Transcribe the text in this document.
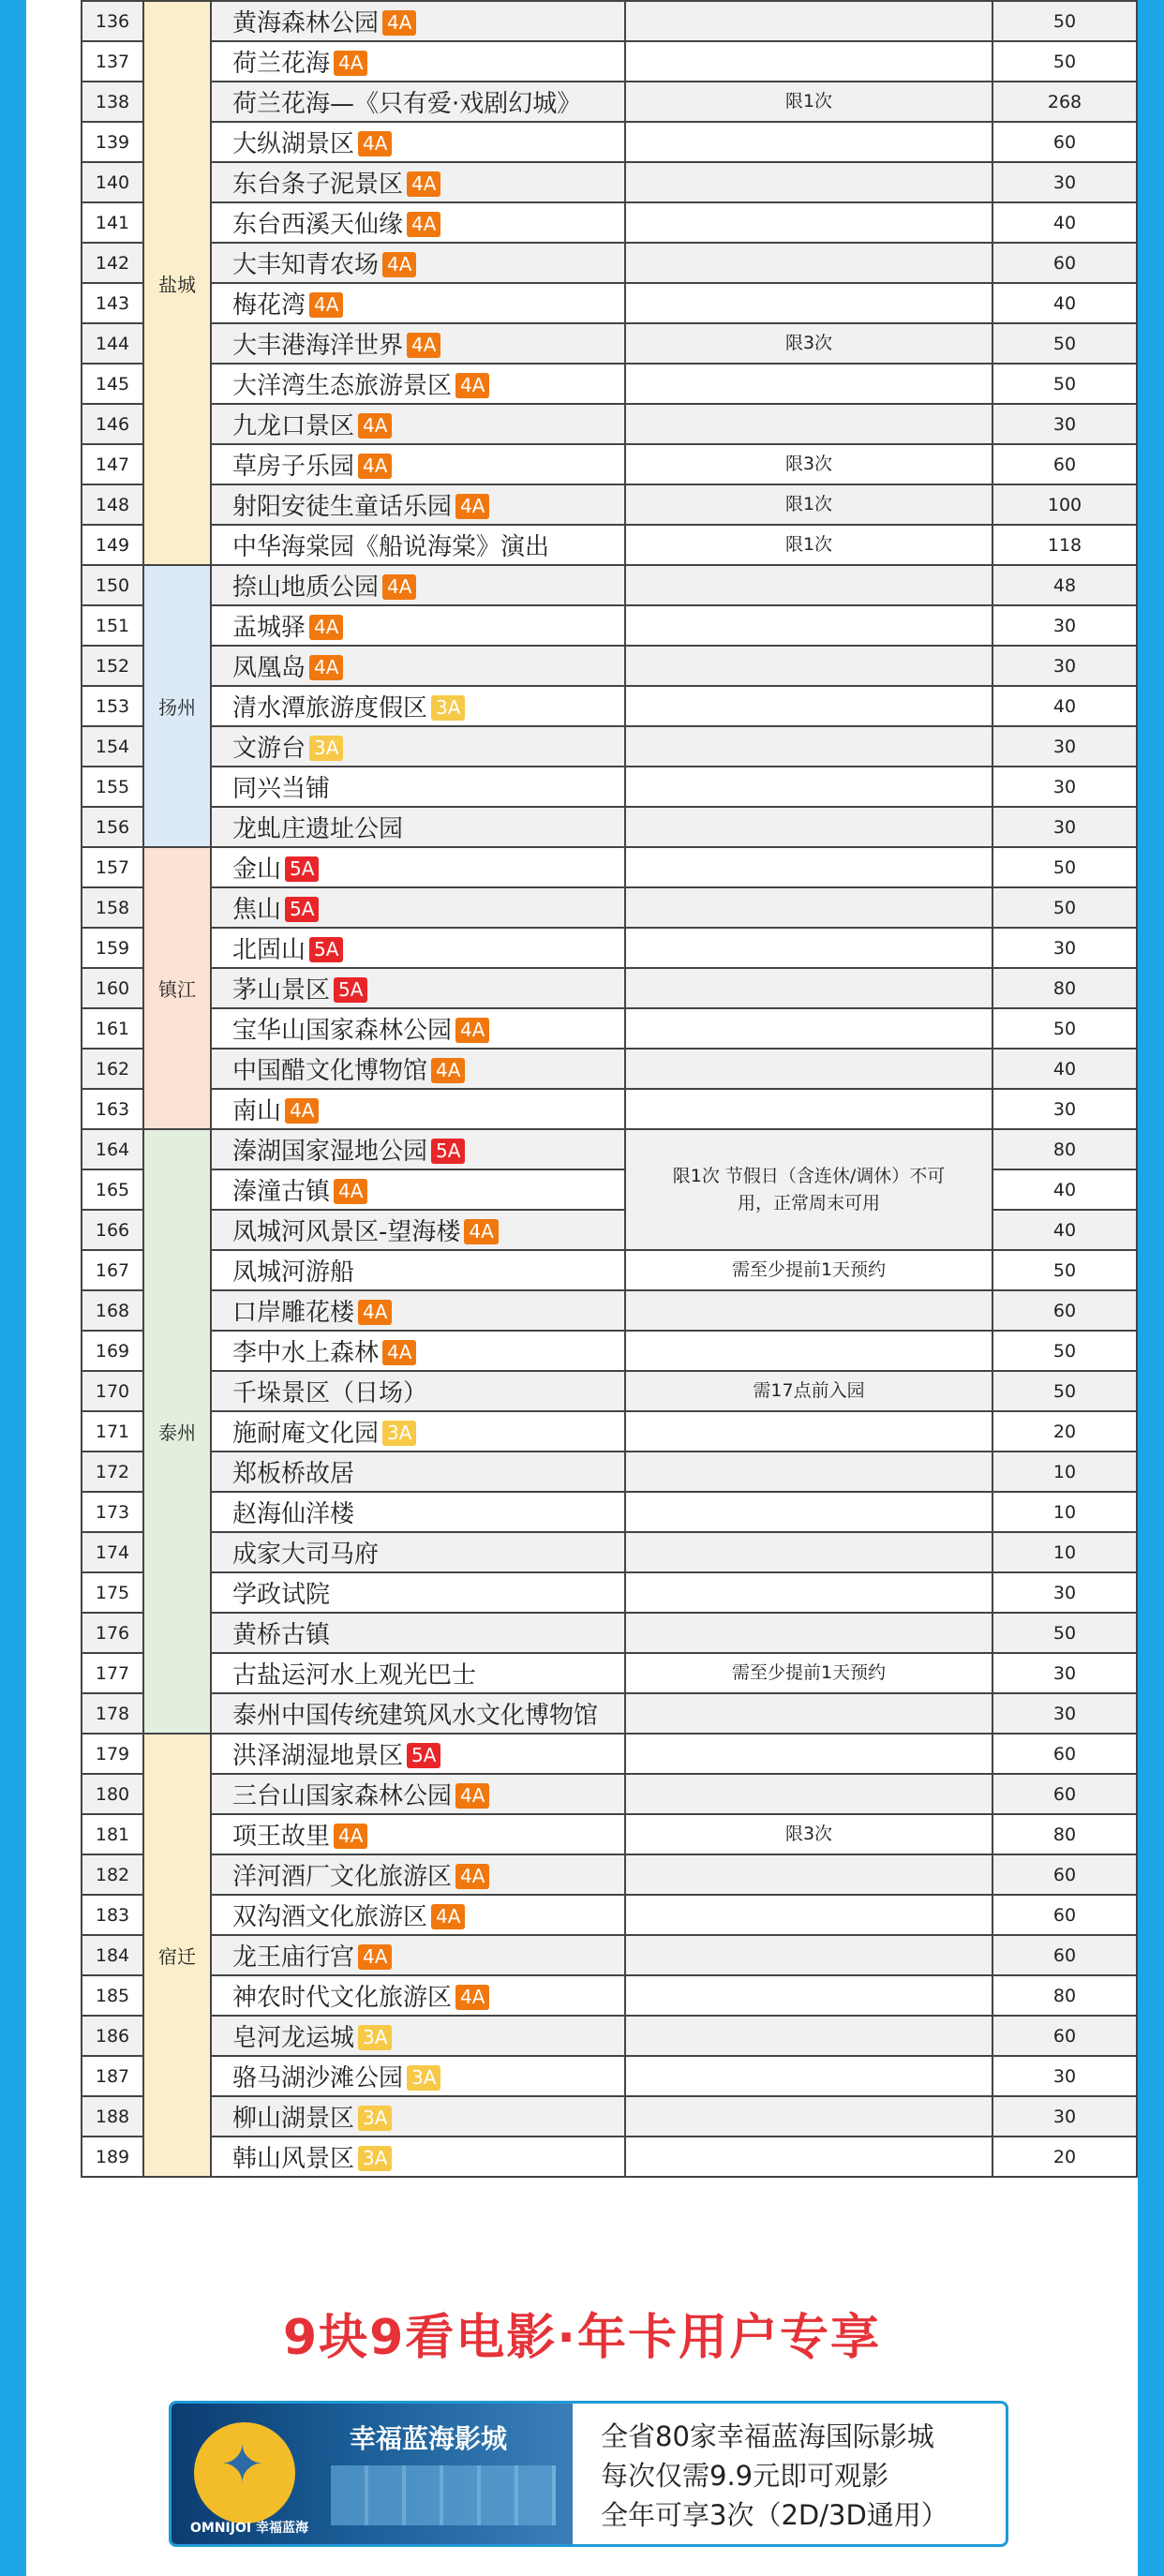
136	盐城	黄海森林公园 4A		50
137		荷兰花海 4A		50
138		荷兰花海—《只有爱·戏剧幻城》	限1次	268
139		大纵湖景区 4A		60
140		东台条子泥景区 4A		30
141		东台西溪天仙缘 4A		40
142		大丰知青农场 4A		60
143		梅花湾 4A		40
144		大丰港海洋世界 4A	限3次	50
145		大洋湾生态旅游景区 4A		50
146		九龙口景区 4A		30
147		草房子乐园 4A	限3次	60
148		射阳安徒生童话乐园 4A	限1次	100
149		中华海棠园《船说海棠》演出	限1次	118
150	扬州	捺山地质公园 4A		48
151		盂城驿 4A		30
152		凤凰岛 4A		30
153		清水潭旅游度假区 3A		40
154		文游台 3A		30
155		同兴当铺		30
156		龙虬庄遗址公园		30
157	镇江	金山 5A		50
158		焦山 5A		50
159		北固山 5A		30
160		茅山景区 5A		80
161		宝华山国家森林公园 4A		50
162		中国醋文化博物馆 4A		40
163		南山 4A		30
164	泰州	溱湖国家湿地公园 5A	限1次 节假日（含连休/调休）不可用，正常周末可用	80
165		溱潼古镇 4A		40
166		凤城河风景区-望海楼 4A		40
167		凤城河游船	需至少提前1天预约	50
168		口岸雕花楼 4A		60
169		李中水上森林 4A		50
170		千垛景区（日场）	需17点前入园	50
171		施耐庵文化园 3A		20
172		郑板桥故居		10
173		赵海仙洋楼		10
174		成家大司马府		10
175		学政试院		30
176		黄桥古镇		50
177		古盐运河水上观光巴士	需至少提前1天预约	30
178		泰州中国传统建筑风水文化博物馆		30
179	宿迁	洪泽湖湿地景区 5A		60
180		三台山国家森林公园 4A		60
181		项王故里 4A	限3次	80
182		洋河酒厂文化旅游区 4A		60
183		双沟酒文化旅游区 4A		60
184		龙王庙行宫 4A		60
185		神农时代文化旅游区 4A		80
186		皂河龙运城 3A		60
187		骆马湖沙滩公园 3A		30
188		柳山湖景区 3A		30
189		韩山风景区 3A		20
9块9看电影·年卡用户专享
✦
OMNIJOI 幸福蓝海
幸福蓝海影城	全省80家幸福蓝海国际影城
每次仅需9.9元即可观影
全年可享3次（2D/3D通用）
